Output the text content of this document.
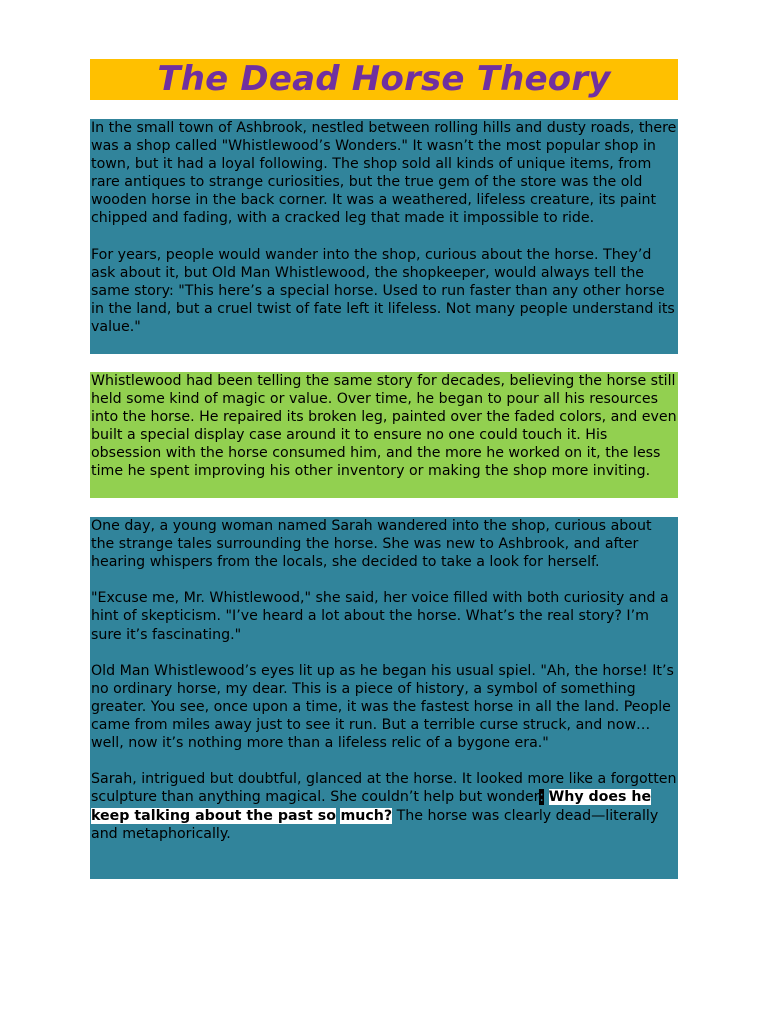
The Dead Horse Theory

In the small town of Ashbrook, nestled between rolling hills and dusty roads, there was a shop called "Whistlewood’s Wonders." It wasn’t the most popular shop in town, but it had a loyal following. The shop sold all kinds of unique items, from rare antiques to strange curiosities, but the true gem of the store was the old wooden horse in the back corner. It was a weathered, lifeless creature, its paint chipped and fading, with a cracked leg that made it impossible to ride.

For years, people would wander into the shop, curious about the horse. They’d ask about it, but Old Man Whistlewood, the shopkeeper, would always tell the same story: "This here’s a special horse. Used to run faster than any other horse in the land, but a cruel twist of fate left it lifeless. Not many people understand its value."

Whistlewood had been telling the same story for decades, believing the horse still held some kind of magic or value. Over time, he began to pour all his resources into the horse. He repaired its broken leg, painted over the faded colors, and even built a special display case around it to ensure no one could touch it. His obsession with the horse consumed him, and the more he worked on it, the less time he spent improving his other inventory or making the shop more inviting.

One day, a young woman named Sarah wandered into the shop, curious about the strange tales surrounding the horse. She was new to Ashbrook, and after hearing whispers from the locals, she decided to take a look for herself.

"Excuse me, Mr. Whistlewood," she said, her voice filled with both curiosity and a hint of skepticism. "I’ve heard a lot about the horse. What’s the real story? I’m sure it’s fascinating."

Old Man Whistlewood’s eyes lit up as he began his usual spiel. "Ah, the horse! It’s no ordinary horse, my dear. This is a piece of history, a symbol of something greater. You see, once upon a time, it was the fastest horse in all the land. People came from miles away just to see it run. But a terrible curse struck, and now… well, now it’s nothing more than a lifeless relic of a bygone era."

Sarah, intrigued but doubtful, glanced at the horse. It looked more like a forgotten sculpture than anything magical. She couldn’t help but wonder: Why does he keep talking about the past so much? The horse was clearly dead—literally and metaphorically.
